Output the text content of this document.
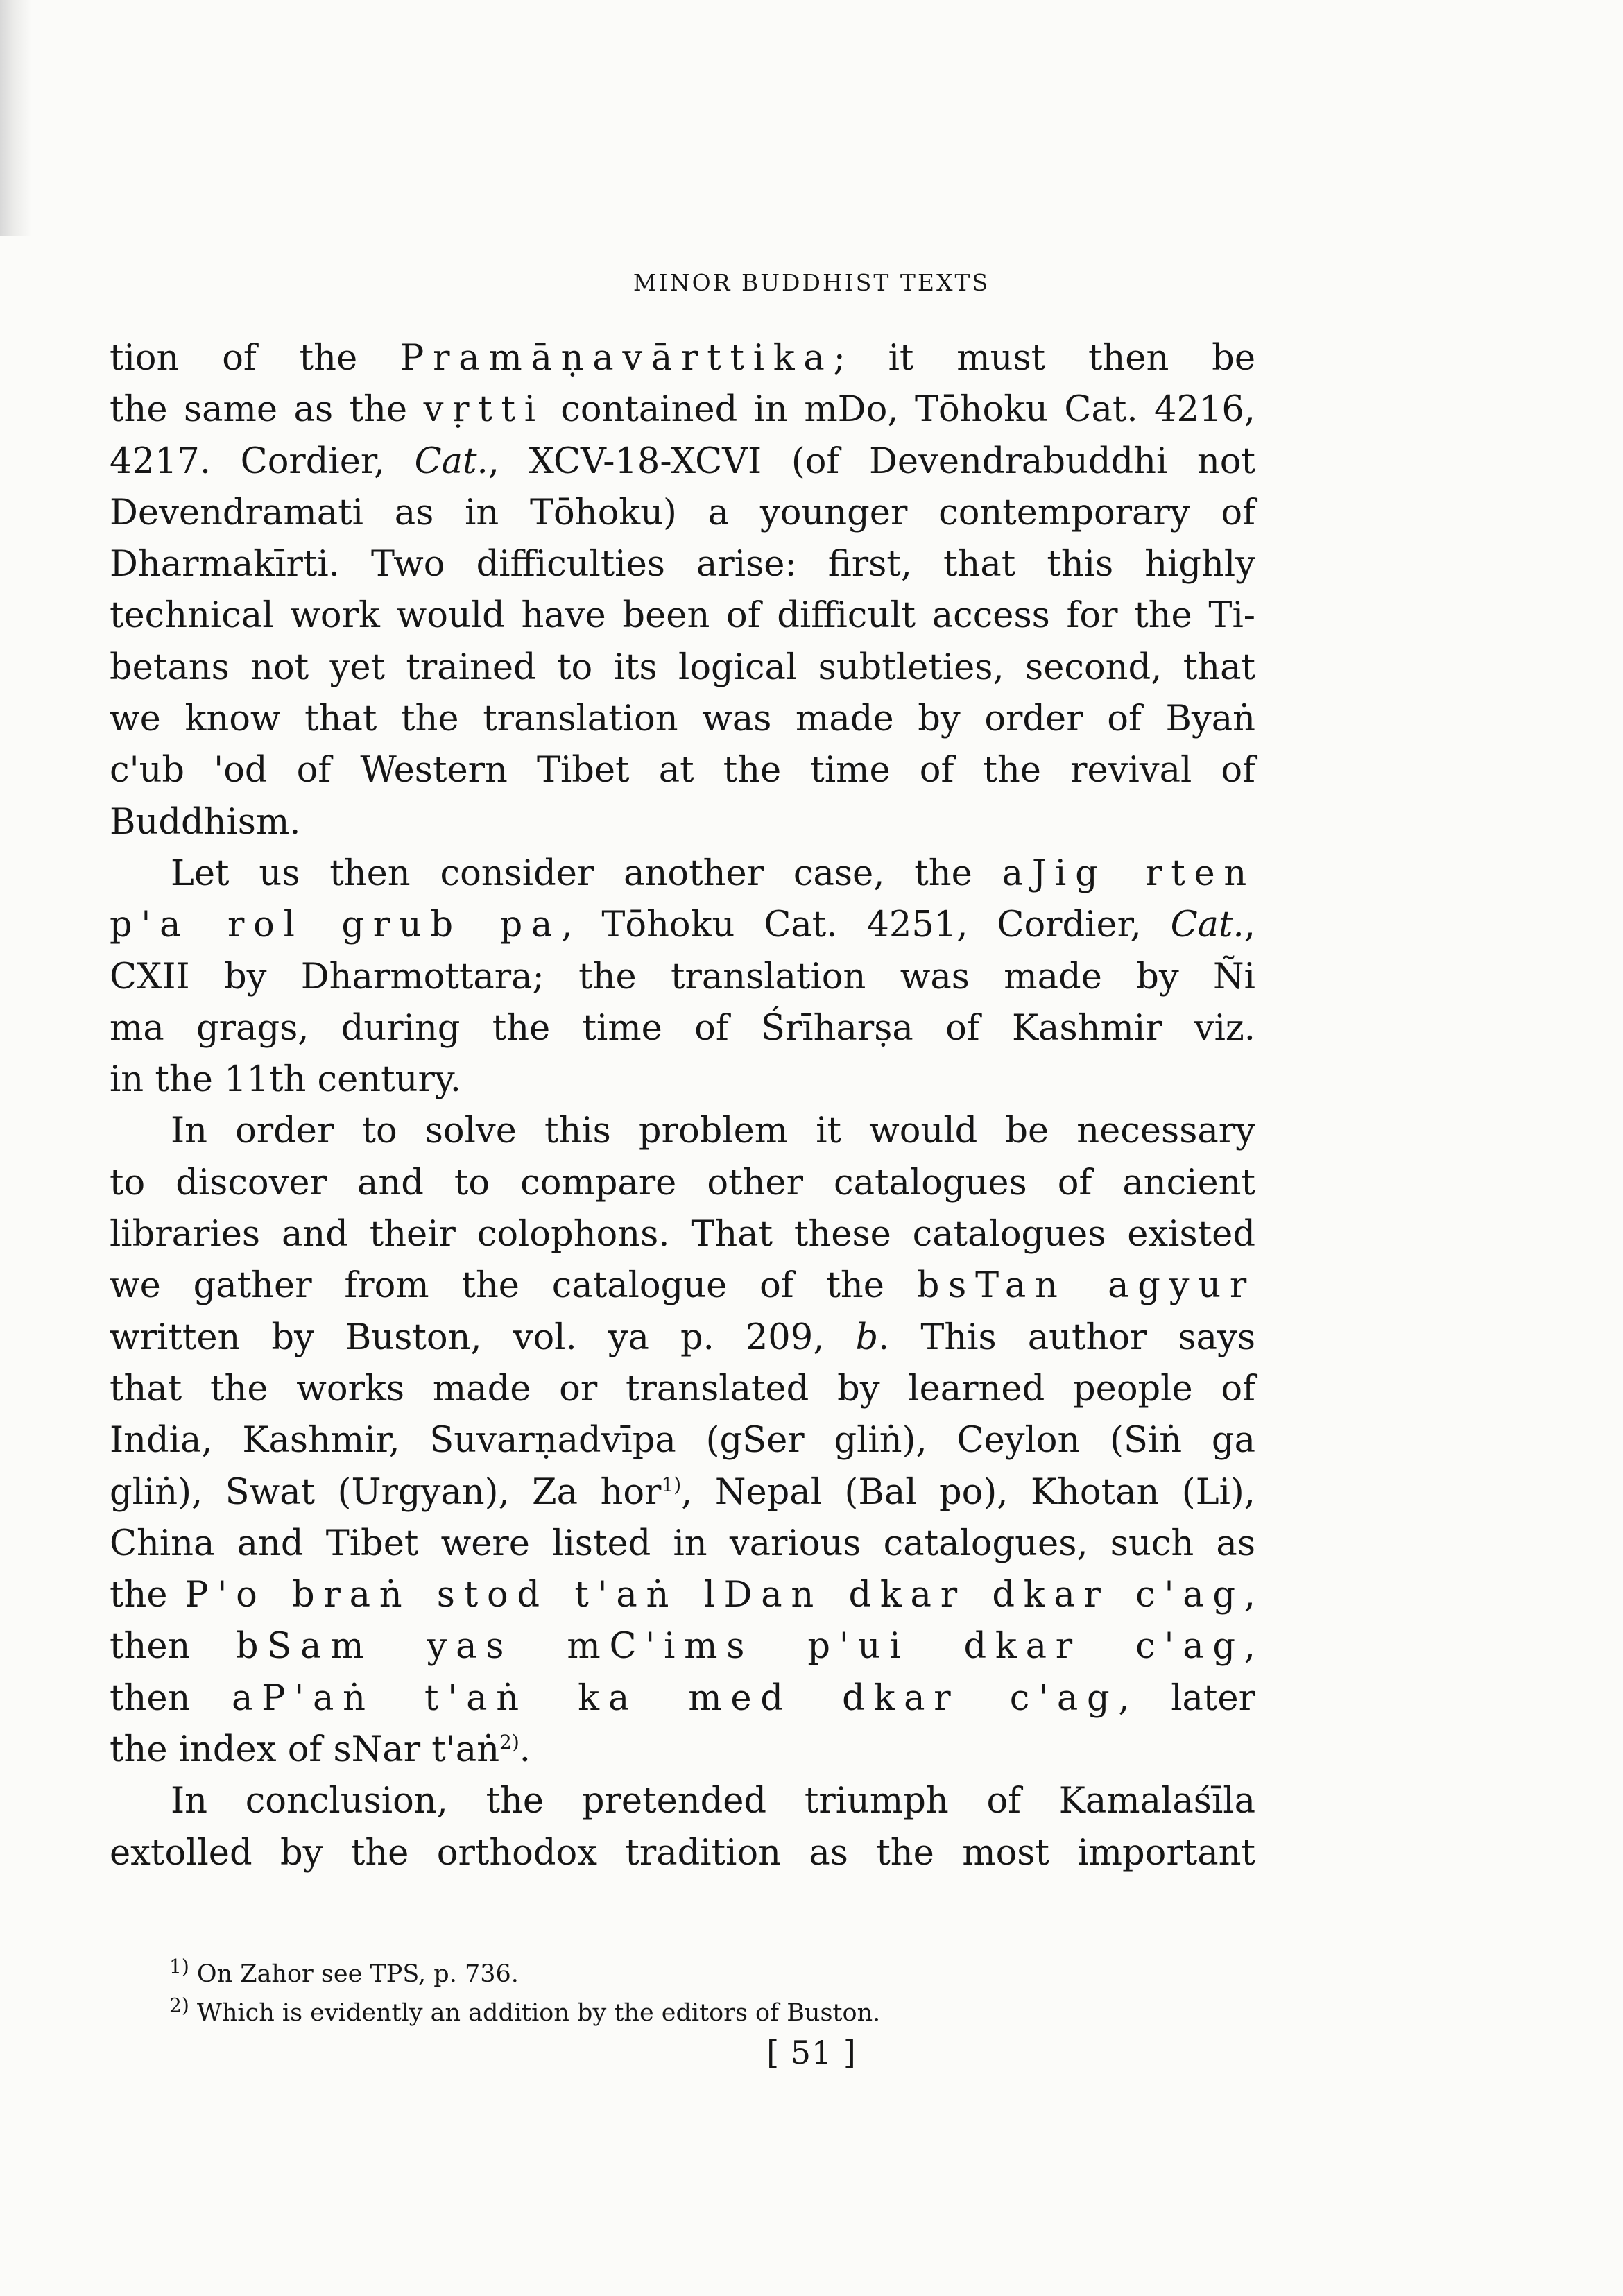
MINOR BUDDHIST TEXTS
tion of the Pramāṇavārttika; it must then be
the same as the vṛtti contained in mDo, Tōhoku Cat. 4216,
4217. Cordier, Cat., XCV-18-XCVI (of Devendrabuddhi not
Devendramati as in Tōhoku) a younger contemporary of
Dharmakīrti. Two difficulties arise: first, that this highly
technical work would have been of difficult access for the Ti-
betans not yet trained to its logical subtleties, second, that
we know that the translation was made by order of Byaṅ
c'ub 'od of Western Tibet at the time of the revival of
Buddhism.
Let us then consider another case, the aJig rten
p'a rol grub pa, Tōhoku Cat. 4251, Cordier, Cat.,
CXII by Dharmottara; the translation was made by Ñi
ma grags, during the time of Śrīharṣa of Kashmir viz.
in the 11th century.
In order to solve this problem it would be necessary
to discover and to compare other catalogues of ancient
libraries and their colophons. That these catalogues existed
we gather from the catalogue of the bsTan agyur
written by Buston, vol. ya p. 209, b. This author says
that the works made or translated by learned people of
India, Kashmir, Suvarṇadvīpa (gSer gliṅ), Ceylon (Siṅ ga
gliṅ), Swat (Urgyan), Za hor$^{1)}$, Nepal (Bal po), Khotan (Li),
China and Tibet were listed in various catalogues, such as
the P'o braṅ stod t'aṅ lDan dkar dkar c'ag,
then bSam yas mC'ims p'ui dkar c'ag,
then aP'aṅ t'aṅ ka med dkar c'ag, later
the index of sNar t'aṅ$^{2)}$.
In conclusion, the pretended triumph of Kamalaśīla
extolled by the orthodox tradition as the most important
$^{1)}$ On Zahor see TPS, p. 736.
$^{2)}$ Which is evidently an addition by the editors of Buston.
[ 51 ]
